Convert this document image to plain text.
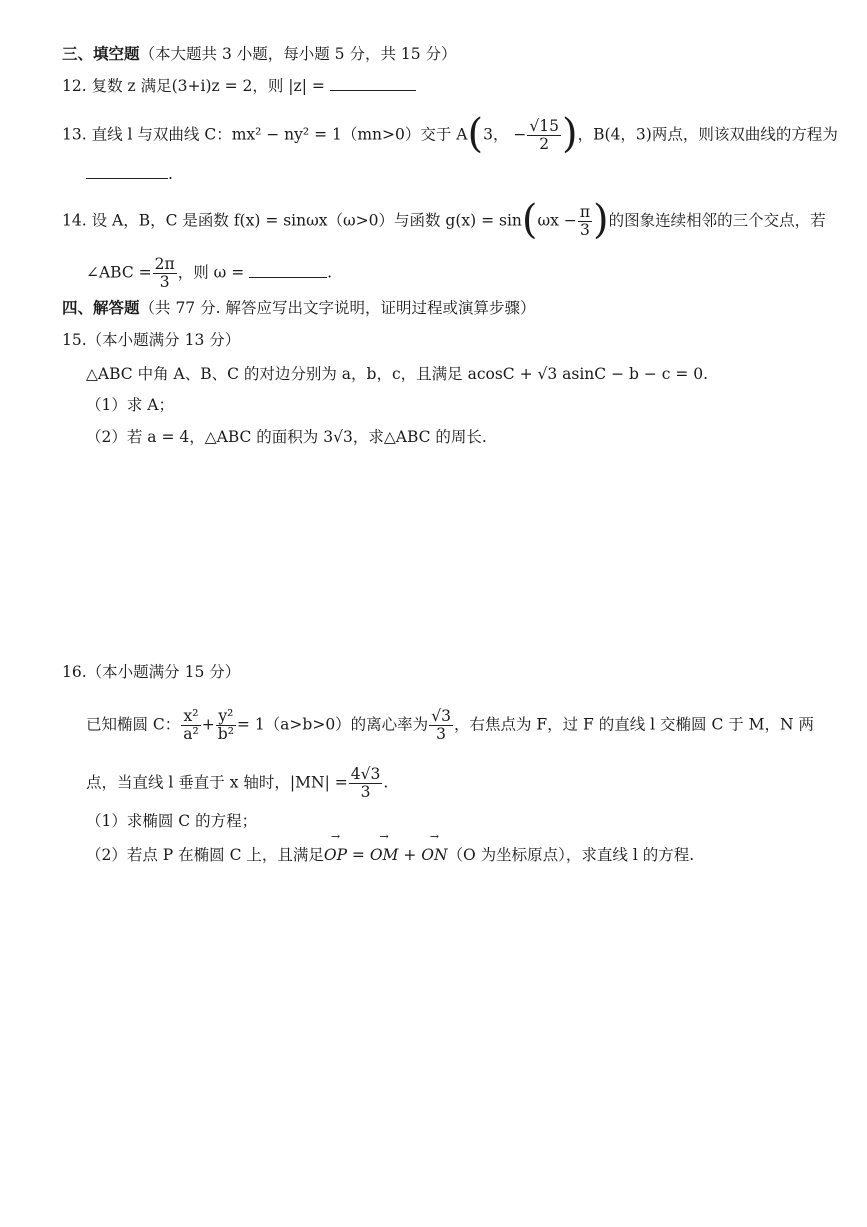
三、填空题（本大题共 3 小题，每小题 5 分，共 15 分）
12. 复数 z 满足(3+i)z = 2，则 |z| =
13. 直线 l 与双曲线 C：mx² − ny² = 1（mn>0）交于 A(3， − $\frac{√15}{2}$ )，B(4，3)两点，则该双曲线的方程为
.
14. 设 A，B，C 是函数 f(x) = sinωx（ω>0）与函数 $g(x) = \sin(\omega x - \frac{\pi}{3}$ )的图象连续相邻的三个交点，若
∠ABC = $\frac{2\pi}{3}$ ，则 ω =	.
四、解答题（共 77 分. 解答应写出文字说明，证明过程或演算步骤）
15.（本小题满分 13 分）
△ABC 中角 A、B、C 的对边分别为 a，b，c，且满足 acosC + √3 asinC − b − c = 0.
（1）求 A；
（2）若 a = 4，△ABC 的面积为 3√3，求△ABC 的周长.
16.（本小题满分 15 分）
已知椭圆 C： $\frac{\text{x²}}{\text{a²}} + \frac{\text{y²}}{\text{b²}} = 1(a>b>0)$的离心率为 $\frac{√3}{3}$ ，右焦点为 F，过 F 的直线 l 交椭圆 C 于 M，N 两
点，当直线 l 垂直于 x 轴时，$|MN| = \frac{4√3}{3}$ .
（1）求椭圆 C 的方程；
（2）若点 P 在椭圆 C 上，且满足→ OP = → OM + → ON（O 为坐标原点），求直线 l 的方程.
